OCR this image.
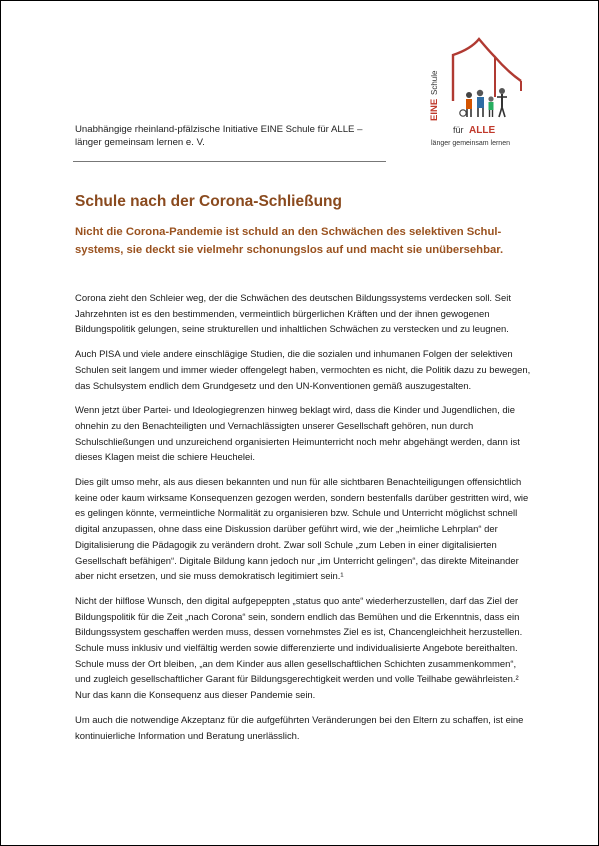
EINE
Schule
für ALLE
länger gemeinsam lernen
Unabhängige rheinland-pfälzische Initiative EINE Schule für ALLE –
länger gemeinsam lernen e. V.
Schule nach der Corona-Schließung
Nicht die Corona-Pandemie ist schuld an den Schwächen des selektiven Schul-systems, sie deckt sie vielmehr schonungslos auf und macht sie unübersehbar.

Corona zieht den Schleier weg, der die Schwächen des deutschen Bildungssystems verdecken soll. Seit Jahrzehnten ist es den bestimmenden, vermeintlich bürgerlichen Kräften und der ihnen gewogenen Bildungspolitik gelungen, seine strukturellen und inhaltlichen Schwächen zu verstecken und zu leugnen.

Auch PISA und viele andere einschlägige Studien, die die sozialen und inhumanen Folgen der selektiven Schulen seit langem und immer wieder offengelegt haben, vermochten es nicht, die Politik dazu zu bewegen, das Schulsystem endlich dem Grundgesetz und den UN-Konventionen gemäß auszugestalten.

Wenn jetzt über Partei- und Ideologiegrenzen hinweg beklagt wird, dass die Kinder und Jugendlichen, die ohnehin zu den Benachteiligten und Vernachlässigten unserer Gesellschaft gehören, nun durch Schulschließungen und unzureichend organisierten Heimunterricht noch mehr abgehängt werden, dann ist dieses Klagen meist die schiere Heuchelei.

Dies gilt umso mehr, als aus diesen bekannten und nun für alle sichtbaren Benachteiligungen offensichtlich keine oder kaum wirksame Konsequenzen gezogen werden, sondern bestenfalls darüber gestritten wird, wie es gelingen könnte, vermeintliche Normalität zu organisieren bzw. Schule und Unterricht möglichst schnell digital anzupassen, ohne dass eine Diskussion darüber geführt wird, wie der „heimliche Lehrplan“ der Digitalisierung die Pädagogik zu verändern droht. Zwar soll Schule „zum Leben in einer digitalisierten Gesellschaft befähigen“. Digitale Bildung kann jedoch nur „im Unterricht gelingen“, das direkte Miteinander aber nicht ersetzen, und sie muss demokratisch legitimiert sein.¹

Nicht der hilflose Wunsch, den digital aufgepeppten „status quo ante“ wiederherzustellen, darf das Ziel der Bildungspolitik für die Zeit „nach Corona“ sein, sondern endlich das Bemühen und die Erkenntnis, dass ein Bildungssystem geschaffen werden muss, dessen vornehmstes Ziel es ist, Chancengleichheit herzustellen. Schule muss inklusiv und vielfältig werden sowie differenzierte und individualisierte Angebote bereithalten. Schule muss der Ort bleiben, „an dem Kinder aus allen gesellschaftlichen Schichten zusammenkommen“, und zugleich gesellschaftlicher Garant für Bildungsgerechtigkeit werden und volle Teilhabe gewährleisten.² Nur das kann die Konsequenz aus dieser Pandemie sein.

Um auch die notwendige Akzeptanz für die aufgeführten Veränderungen bei den Eltern zu schaffen, ist eine kontinuierliche Information und Beratung unerlässlich.
